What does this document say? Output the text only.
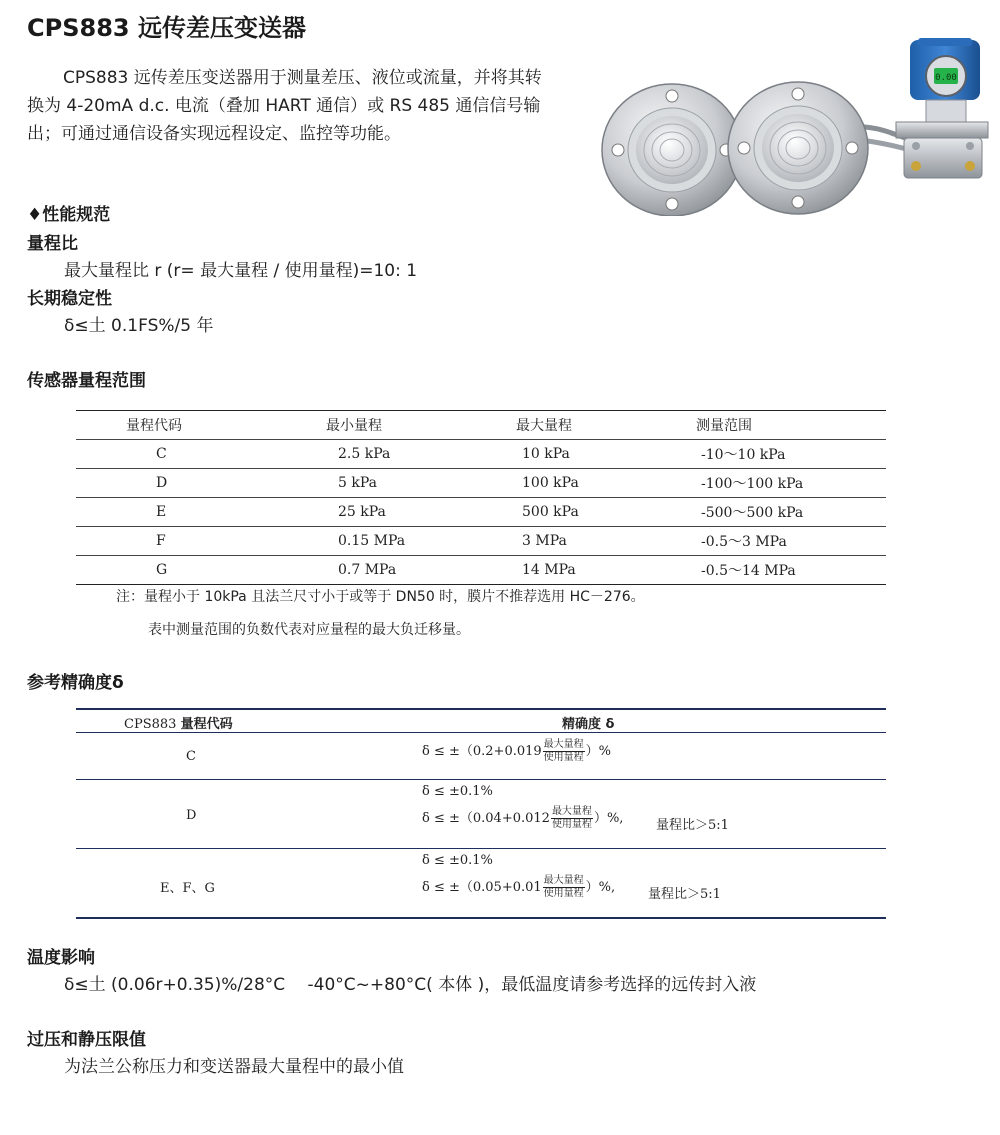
CPS883 远传差压变送器
CPS883 远传差压变送器用于测量差压、液位或流量，并将其转换为 4-20mA d.c. 电流（叠加 HART 通信）或 RS 485 通信信号输出；可通过通信设备实现远程设定、监控等功能。
0.00
♦性能规范
量程比
最大量程比 r (r= 最大量程 / 使用量程)=10: 1
长期稳定性
δ≤土 0.1FS%/5 年
传感器量程范围
量程代码	最小量程	最大量程	测量范围
C	2.5 kPa	10 kPa	-10～10 kPa
D	5 kPa	100 kPa	-100～100 kPa
E	25 kPa	500 kPa	-500～500 kPa
F	0.15 MPa	3 MPa	-0.5～3 MPa
G	0.7 MPa	14 MPa	-0.5～14 MPa
注：量程小于 10kPa 且法兰尺寸小于或等于 DN50 时，膜片不推荐选用 HC－276。
表中测量范围的负数代表对应量程的最大负迁移量。
参考精确度δ
CPS883 量程代码	精确度 δ
C	$\delta \le \pm(0.2+0.019 \frac{\text{最大量程}}{\text{使用量程}}$ ）%
D
δ ≤ ±0.1%
$\delta \le \pm(0.04+0.012 \frac{\text{最大量程}}{\text{使用量程}}$ ）%,	量程比＞5:1
E、F、G
δ ≤ ±0.1%
$\delta \le \pm(0.05+0.01 \frac{\text{最大量程}}{\text{使用量程}}$ ）%,	量程比＞5:1
温度影响
δ≤土 (0.06r+0.35)%/28°C　 -40°C~+80°C( 本体 )，最低温度请参考选择的远传封入液
过压和静压限值
为法兰公称压力和变送器最大量程中的最小值
